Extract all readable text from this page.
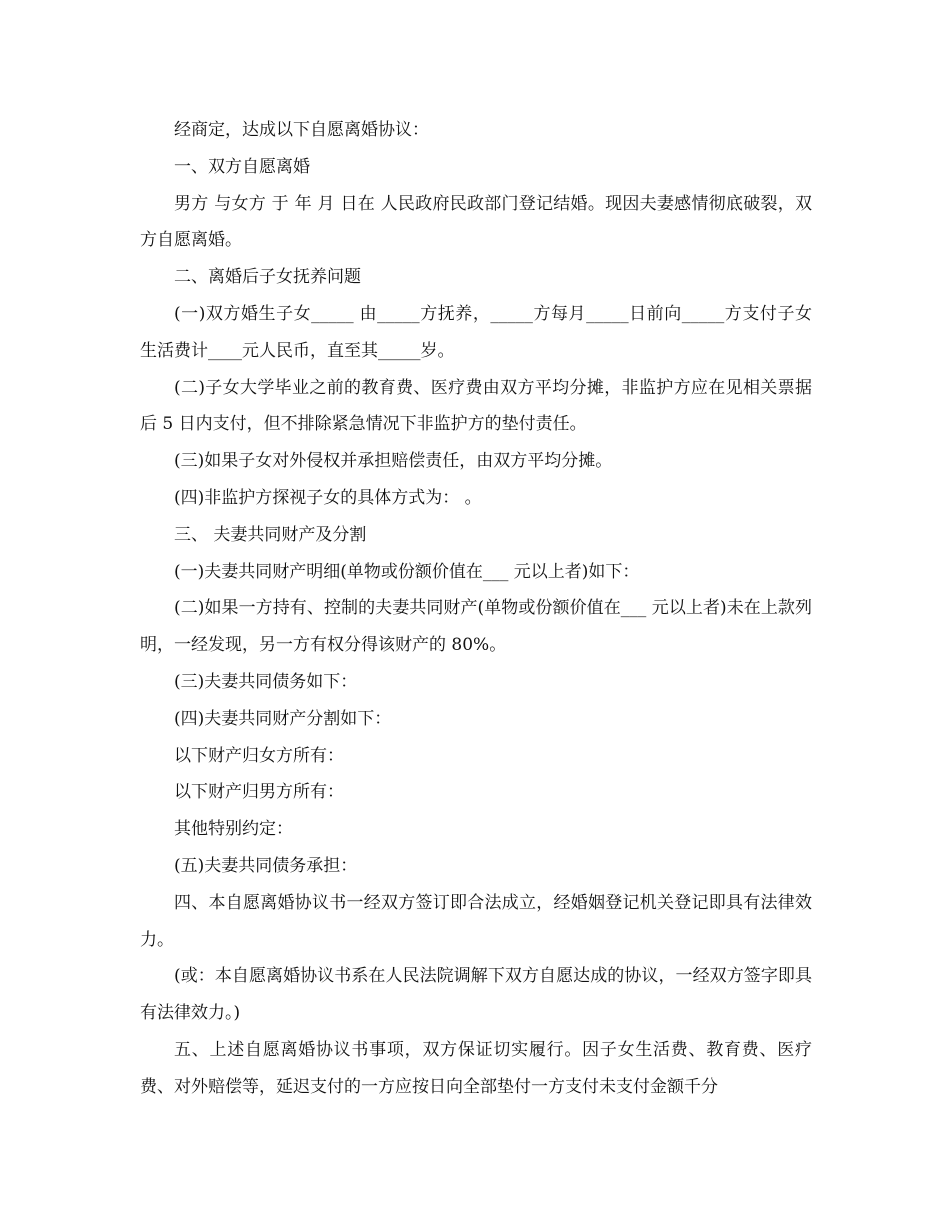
经商定，达成以下自愿离婚协议：

一、双方自愿离婚

男方 与女方 于 年 月 日在 人民政府民政部门登记结婚。现因夫妻感情彻底破裂，双方自愿离婚。

二、离婚后子女抚养问题

(一)双方婚生子女_____ 由_____方抚养，_____方每月_____日前向_____方支付子女生活费计____元人民币，直至其_____岁。

(二)子女大学毕业之前的教育费、医疗费由双方平均分摊，非监护方应在见相关票据后 5 日内支付，但不排除紧急情况下非监护方的垫付责任。

(三)如果子女对外侵权并承担赔偿责任，由双方平均分摊。

(四)非监护方探视子女的具体方式为： 。

三、 夫妻共同财产及分割

(一)夫妻共同财产明细(单物或份额价值在___ 元以上者)如下：

(二)如果一方持有、控制的夫妻共同财产(单物或份额价值在___ 元以上者)未在上款列明，一经发现，另一方有权分得该财产的 80%。

(三)夫妻共同债务如下：

(四)夫妻共同财产分割如下：

以下财产归女方所有：

以下财产归男方所有：

其他特别约定：

(五)夫妻共同债务承担：

四、本自愿离婚协议书一经双方签订即合法成立，经婚姻登记机关登记即具有法律效力。

(或：本自愿离婚协议书系在人民法院调解下双方自愿达成的协议，一经双方签字即具有法律效力。)

五、上述自愿离婚协议书事项，双方保证切实履行。因子女生活费、教育费、医疗费、对外赔偿等，延迟支付的一方应按日向全部垫付一方支付未支付金额千分
